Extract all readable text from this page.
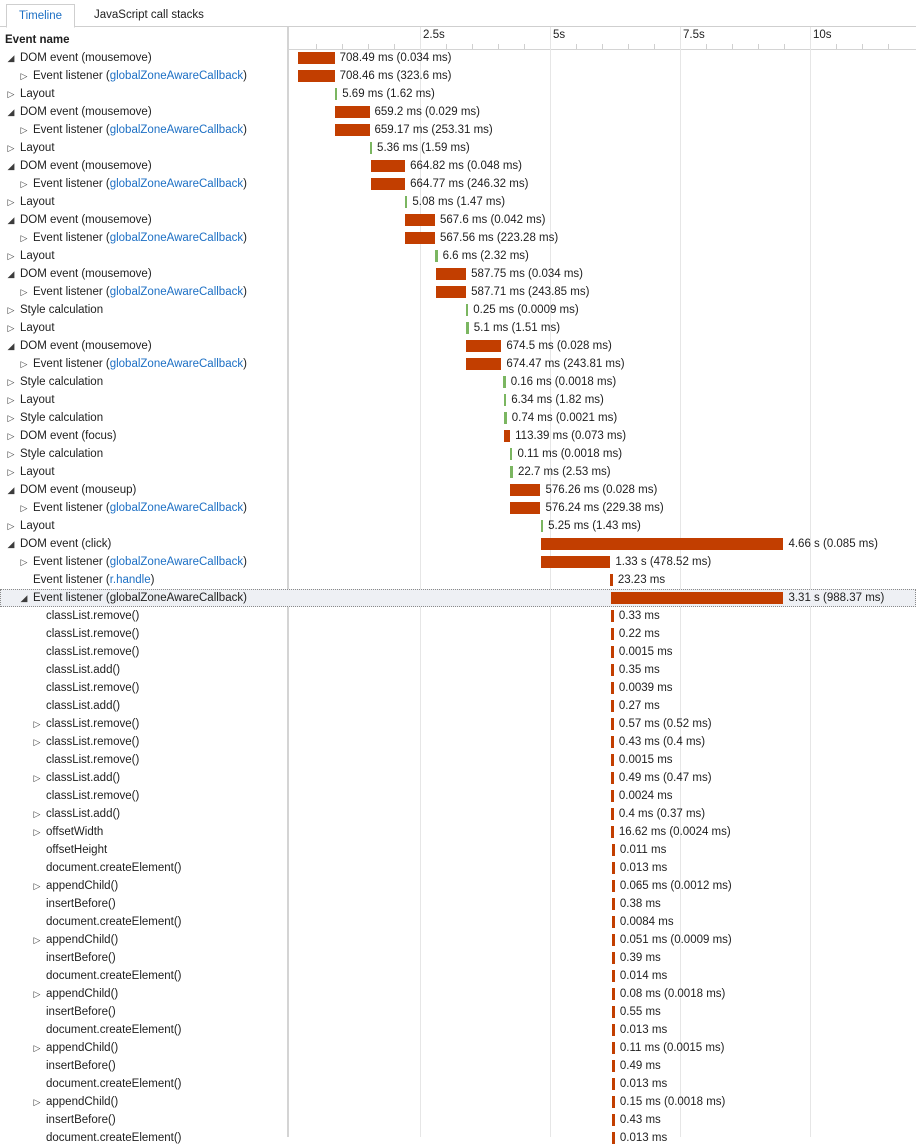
Timeline	JavaScript call stacks
Event name	2.5s	5s	7.5s	10s
◢ DOM event (mousemove)	708.49 ms (0.034 ms)
▷ Event listener (globalZoneAwareCallback)	708.46 ms (323.6 ms)
▷ Layout	5.69 ms (1.62 ms)
◢ DOM event (mousemove)	659.2 ms (0.029 ms)
▷ Event listener (globalZoneAwareCallback)	659.17 ms (253.31 ms)
▷ Layout	5.36 ms (1.59 ms)
◢ DOM event (mousemove)	664.82 ms (0.048 ms)
▷ Event listener (globalZoneAwareCallback)	664.77 ms (246.32 ms)
▷ Layout	5.08 ms (1.47 ms)
◢ DOM event (mousemove)	567.6 ms (0.042 ms)
▷ Event listener (globalZoneAwareCallback)	567.56 ms (223.28 ms)
▷ Layout	6.6 ms (2.32 ms)
◢ DOM event (mousemove)	587.75 ms (0.034 ms)
▷ Event listener (globalZoneAwareCallback)	587.71 ms (243.85 ms)
▷ Style calculation	0.25 ms (0.0009 ms)
▷ Layout	5.1 ms (1.51 ms)
◢ DOM event (mousemove)	674.5 ms (0.028 ms)
▷ Event listener (globalZoneAwareCallback)	674.47 ms (243.81 ms)
▷ Style calculation	0.16 ms (0.0018 ms)
▷ Layout	6.34 ms (1.82 ms)
▷ Style calculation	0.74 ms (0.0021 ms)
▷ DOM event (focus)	113.39 ms (0.073 ms)
▷ Style calculation	0.11 ms (0.0018 ms)
▷ Layout	22.7 ms (2.53 ms)
◢ DOM event (mouseup)	576.26 ms (0.028 ms)
▷ Event listener (globalZoneAwareCallback)	576.24 ms (229.38 ms)
▷ Layout	5.25 ms (1.43 ms)
◢ DOM event (click)	4.66 s (0.085 ms)
▷ Event listener (globalZoneAwareCallback)	1.33 s (478.52 ms)
Event listener (r.handle)	23.23 ms
◢ Event listener (globalZoneAwareCallback)	3.31 s (988.37 ms)
classList.remove()	0.33 ms
classList.remove()	0.22 ms
classList.remove()	0.0015 ms
classList.add()	0.35 ms
classList.remove()	0.0039 ms
classList.add()	0.27 ms
▷ classList.remove()	0.57 ms (0.52 ms)
▷ classList.remove()	0.43 ms (0.4 ms)
classList.remove()	0.0015 ms
▷ classList.add()	0.49 ms (0.47 ms)
classList.remove()	0.0024 ms
▷ classList.add()	0.4 ms (0.37 ms)
▷ offsetWidth	16.62 ms (0.0024 ms)
offsetHeight	0.011 ms
document.createElement()	0.013 ms
▷ appendChild()	0.065 ms (0.0012 ms)
insertBefore()	0.38 ms
document.createElement()	0.0084 ms
▷ appendChild()	0.051 ms (0.0009 ms)
insertBefore()	0.39 ms
document.createElement()	0.014 ms
▷ appendChild()	0.08 ms (0.0018 ms)
insertBefore()	0.55 ms
document.createElement()	0.013 ms
▷ appendChild()	0.11 ms (0.0015 ms)
insertBefore()	0.49 ms
document.createElement()	0.013 ms
▷ appendChild()	0.15 ms (0.0018 ms)
insertBefore()	0.43 ms
document.createElement()	0.013 ms
